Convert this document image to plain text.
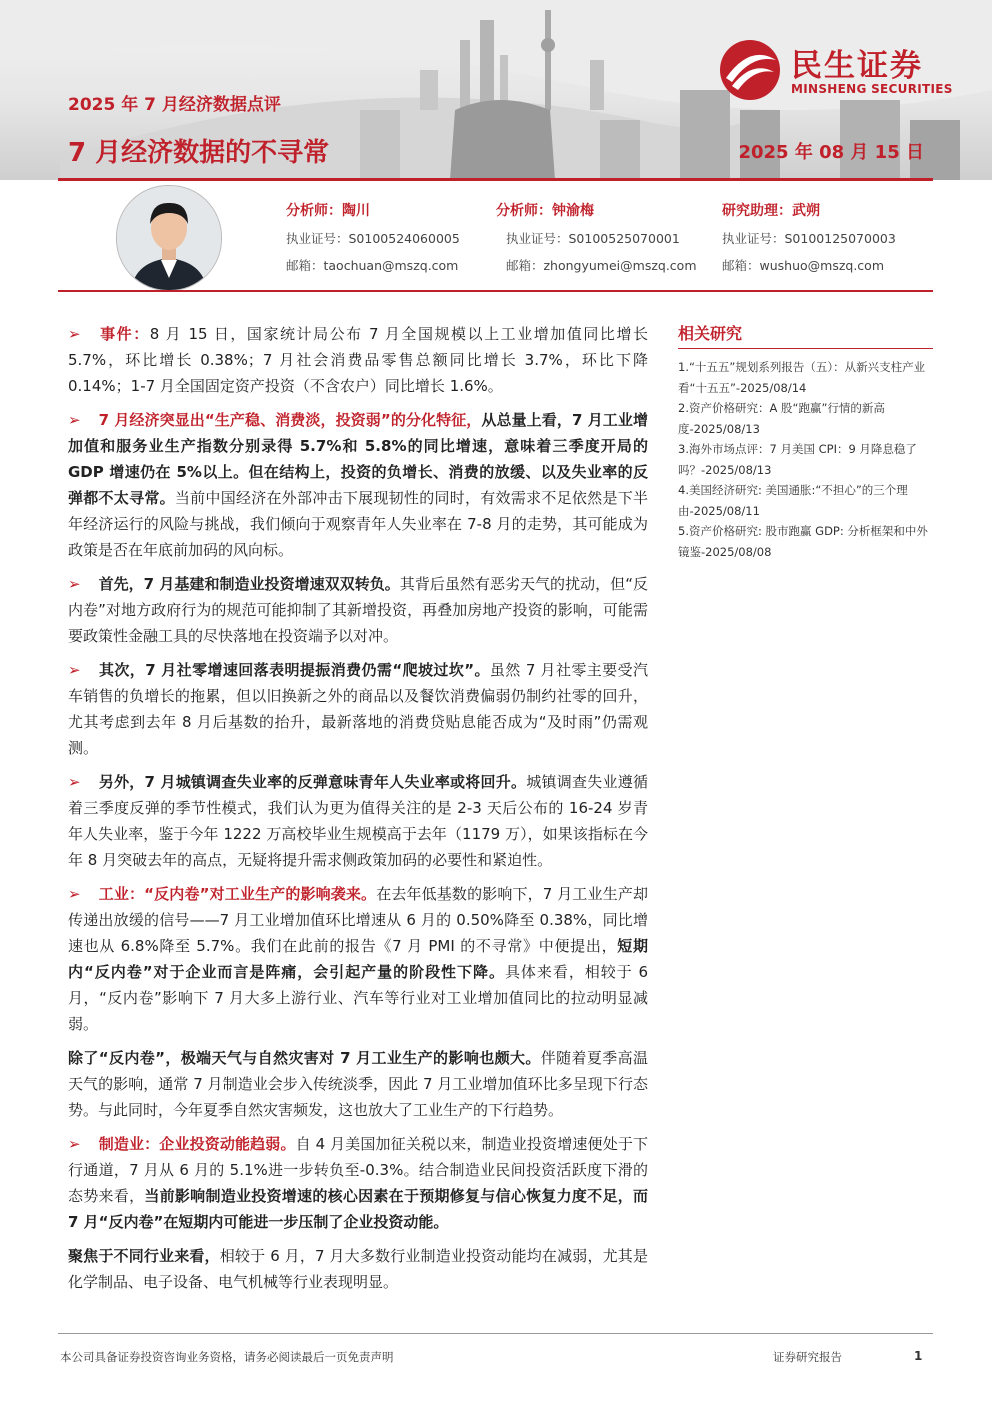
民生证券
MINSHENG SECURITIES
2025 年 7 月经济数据点评
7 月经济数据的不寻常	2025 年 08 月 15 日
分析师：陶川
执业证号：S0100524060005
邮箱：taochuan@mszq.com
分析师：钟渝梅
执业证号：S0100525070001
邮箱：zhongyumei@mszq.com
研究助理：武朔
执业证号：S0100125070003
邮箱：wushuo@mszq.com

➢ 事件：8 月 15 日，国家统计局公布 7 月全国规模以上工业增加值同比增长 5.7%，环比增长 0.38%；7 月社会消费品零售总额同比增长 3.7%，环比下降 0.14%；1-7 月全国固定资产投资（不含农户）同比增长 1.6%。

➢ 7 月经济突显出“生产稳、消费淡，投资弱”的分化特征，从总量上看，7 月工业增加值和服务业生产指数分别录得 5.7%和 5.8%的同比增速，意味着三季度开局的 GDP 增速仍在 5%以上。但在结构上，投资的负增长、消费的放缓、以及失业率的反弹都不太寻常。当前中国经济在外部冲击下展现韧性的同时，有效需求不足依然是下半年经济运行的风险与挑战，我们倾向于观察青年人失业率在 7-8 月的走势，其可能成为政策是否在年底前加码的风向标。

➢ 首先，7 月基建和制造业投资增速双双转负。其背后虽然有恶劣天气的扰动，但“反内卷”对地方政府行为的规范可能抑制了其新增投资，再叠加房地产投资的影响，可能需要政策性金融工具的尽快落地在投资端予以对冲。

➢ 其次，7 月社零增速回落表明提振消费仍需“爬坡过坎”。虽然 7 月社零主要受汽车销售的负增长的拖累，但以旧换新之外的商品以及餐饮消费偏弱仍制约社零的回升，尤其考虑到去年 8 月后基数的抬升，最新落地的消费贷贴息能否成为“及时雨”仍需观测。

➢ 另外，7 月城镇调查失业率的反弹意味青年人失业率或将回升。城镇调查失业遵循着三季度反弹的季节性模式，我们认为更为值得关注的是 2-3 天后公布的 16-24 岁青年人失业率，鉴于今年 1222 万高校毕业生规模高于去年（1179 万），如果该指标在今年 8 月突破去年的高点，无疑将提升需求侧政策加码的必要性和紧迫性。

➢ 工业：“反内卷”对工业生产的影响袭来。在去年低基数的影响下，7 月工业生产却传递出放缓的信号——7 月工业增加值环比增速从 6 月的 0.50%降至 0.38%，同比增速也从 6.8%降至 5.7%。我们在此前的报告《7 月 PMI 的不寻常》中便提出，短期内“反内卷”对于企业而言是阵痛，会引起产量的阶段性下降。具体来看，相较于 6 月，“反内卷”影响下 7 月大多上游行业、汽车等行业对工业增加值同比的拉动明显减弱。

除了“反内卷”，极端天气与自然灾害对 7 月工业生产的影响也颇大。伴随着夏季高温天气的影响，通常 7 月制造业会步入传统淡季，因此 7 月工业增加值环比多呈现下行态势。与此同时，今年夏季自然灾害频发，这也放大了工业生产的下行趋势。

➢ 制造业：企业投资动能趋弱。自 4 月美国加征关税以来，制造业投资增速便处于下行通道，7 月从 6 月的 5.1%进一步转负至-0.3%。结合制造业民间投资活跃度下滑的态势来看，当前影响制造业投资增速的核心因素在于预期修复与信心恢复力度不足，而 7 月“反内卷”在短期内可能进一步压制了企业投资动能。

聚焦于不同行业来看，相较于 6 月，7 月大多数行业制造业投资动能均在减弱，尤其是化学制品、电子设备、电气机械等行业表现明显。

相关研究
1.“十五五”规划系列报告（五）：从新兴支柱产业看“十五五”-2025/08/14
2.资产价格研究：A 股“跑赢”行情的新高度-2025/08/13
3.海外市场点评：7 月美国 CPI：9 月降息稳了吗？-2025/08/13
4.美国经济研究: 美国通胀:“不担心”的三个理由-2025/08/11
5.资产价格研究: 股市跑赢 GDP: 分析框架和中外镜鉴-2025/08/08
本公司具备证券投资咨询业务资格，请务必阅读最后一页免责声明	证券研究报告	1
